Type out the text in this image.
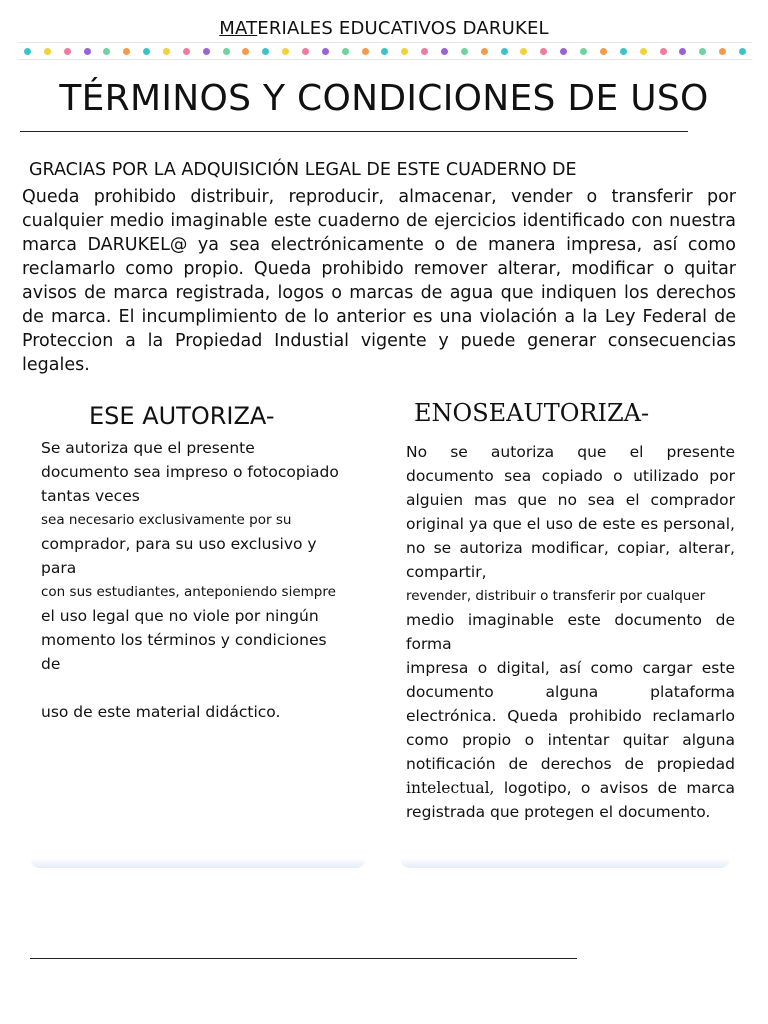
MATERIALES EDUCATIVOS DARUKEL
TÉRMINOS Y CONDICIONES DE USO
GRACIAS POR LA ADQUISICIÓN LEGAL DE ESTE CUADERNO DE
Queda prohibido distribuir, reproducir, almacenar, vender o transferir por cualquier medio imaginable este cuaderno de ejercicios identificado con nuestra marca DARUKEL@ ya sea electrónicamente o de manera impresa, así como reclamarlo como propio. Queda prohibido remover alterar, modificar o quitar avisos de marca registrada, logos o marcas de agua que indiquen los derechos de marca. El incumplimiento de lo anterior es una violación a la Ley Federal de Proteccion a la Propiedad Industial vigente y puede generar consecuencias legales.
ESE AUTORIZA-

Se autoriza que el presente documento sea impreso o fotocopiado tantas veces

sea necesario exclusivamente por su

comprador, para su uso exclusivo y para

con sus estudiantes, anteponiendo siempre

el uso legal que no viole por ningún momento los términos y condiciones de

uso de este material didáctico.

ENOSEAUTORIZA-

No se autoriza que el presente documento sea copiado o utilizado por alguien mas que no sea el comprador original ya que el uso de este es personal, no se autoriza modificar, copiar, alterar, compartir,

revender, distribuir o transferir por cualquer

medio imaginable este documento de forma

impresa o digital, así como cargar este documento alguna plataforma electrónica. Queda prohibido reclamarlo como propio o intentar quitar alguna notificación de derechos de propiedad intelectual, logotipo, o avisos de marca registrada que protegen el documento.
